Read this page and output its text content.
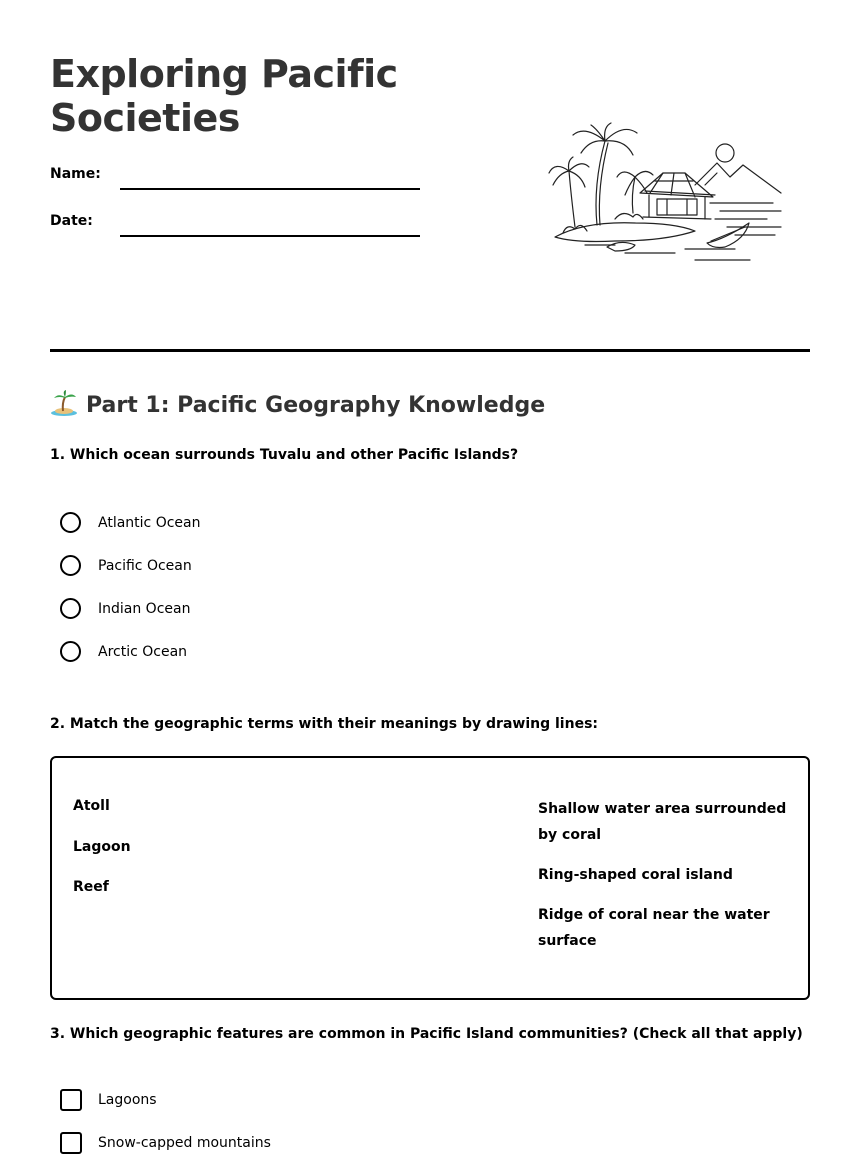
Exploring Pacific Societies
Name:
Date:
Part 1: Pacific Geography Knowledge

1. Which ocean surrounds Tuvalu and other Pacific Islands?

Atlantic Ocean
Pacific Ocean
Indian Ocean
Arctic Ocean

2. Match the geographic terms with their meanings by drawing lines:

Atoll
Lagoon
Reef
Shallow water area surrounded by coral
Ring-shaped coral island
Ridge of coral near the water surface

3. Which geographic features are common in Pacific Island communities? (Check all that apply)

Lagoons
Snow-capped mountains
